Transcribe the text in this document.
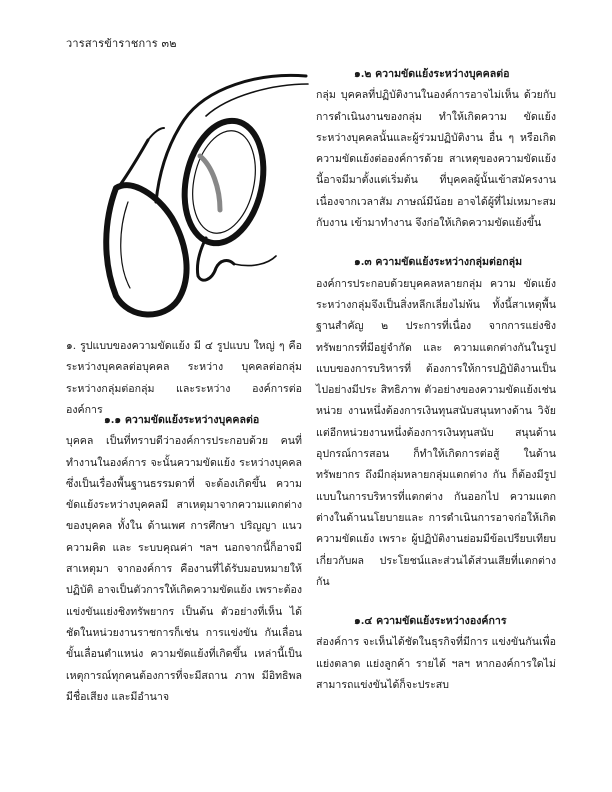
วารสารข้าราชการ ๓๒
๑. รูปแบบของความขัดแย้ง มี ๔ รูปแบบ ใหญ่ ๆ คือ ระหว่างบุคคลต่อบุคคล ระหว่าง บุคคลต่อกลุ่ม ระหว่างกลุ่มต่อกลุ่ม และระหว่าง องค์การต่อองค์การ

๑.๑ ความขัดแย้งระหว่างบุคคลต่อ

บุคคล เป็นที่ทราบดีว่าองค์การประกอบด้วย คนที่ทำงานในองค์การ จะนั้นความขัดแย้ง ระหว่างบุคคลซึ่งเป็นเรื่องพื้นฐานธรรมดาที่ จะต้องเกิดขึ้น ความขัดแย้งระหว่างบุคคลมี สาเหตุมาจากความแตกต่างของบุคคล ทั้งใน ด้านเพศ การศึกษา ปริญญา แนวความคิด และ ระบบคุณค่า ฯลฯ นอกจากนี้ก็อาจมีสาเหตุมา จากองค์การ คืองานที่ได้รับมอบหมายให้ปฏิบัติ อาจเป็นตัวการให้เกิดความขัดแย้ง เพราะต้อง แข่งขันแย่งชิงทรัพยากร เป็นต้น ตัวอย่างที่เห็น ได้ชัดในหน่วยงานราชการก็เช่น การแข่งขัน กันเลื่อนขั้นเลื่อนตำแหน่ง ความขัดแย้งที่เกิดขึ้น เหล่านี้เป็นเหตุการณ์ทุกคนต้องการที่จะมีสถาน ภาพ มีอิทธิพล มีชื่อเสียง และมีอำนาจ

๑.๒ ความขัดแย้งระหว่างบุคคลต่อ

กลุ่ม บุคคลที่ปฏิบัติงานในองค์การอาจไม่เห็น ด้วยกับการดำเนินงานของกลุ่ม ทำให้เกิดความ ขัดแย้งระหว่างบุคคลนั้นและผู้ร่วมปฏิบัติงาน อื่น ๆ หรือเกิดความขัดแย้งต่อองค์การด้วย สาเหตุของความขัดแย้งนี้อาจมีมาตั้งแต่เริ่มต้น ที่บุคคลผู้นั้นเข้าสมัครงาน เนื่องจากเวลาสัม ภาษณ์มีน้อย อาจได้ผู้ที่ไม่เหมาะสมกับงาน เข้ามาทำงาน จึงก่อให้เกิดความขัดแย้งขึ้น

๑.๓ ความขัดแย้งระหว่างกลุ่มต่อกลุ่ม

องค์การประกอบด้วยบุคคลหลายกลุ่ม ความ ขัดแย้งระหว่างกลุ่มจึงเป็นสิ่งหลีกเลี่ยงไม่พ้น ทั้งนี้สาเหตุพื้นฐานสำคัญ ๒ ประการที่เนื่อง จากการแย่งชิงทรัพยากรที่มีอยู่จำกัด และ ความแตกต่างกันในรูปแบบของการบริหารที่ ต้องการให้การปฏิบัติงานเป็นไปอย่างมีประ สิทธิภาพ ตัวอย่างของความขัดแย้งเช่นหน่วย งานหนึ่งต้องการเงินทุนสนับสนุนทางด้าน วิจัย แต่อีกหน่วยงานหนึ่งต้องการเงินทุนสนับ สนุนด้านอุปกรณ์การสอน ก็ทำให้เกิดการต่อสู้ ในด้านทรัพยากร ถึงมีกลุ่มหลายกลุ่มแตกต่าง กัน ก็ต้องมีรูปแบบในการบริหารที่แตกต่าง กันออกไป ความแตกต่างในด้านนโยบายและ การดำเนินการอาจก่อให้เกิดความขัดแย้ง เพราะ ผู้ปฏิบัติงานย่อมมีข้อเปรียบเทียบเกี่ยวกับผล ประโยชน์และส่วนได้ส่วนเสียที่แตกต่างกัน

๑.๔ ความขัดแย้งระหว่างองค์การ

ส่องค์การ จะเห็นได้ชัดในธุรกิจที่มีการ แข่งขันกันเพื่อแย่งตลาด แย่งลูกค้า รายได้ ฯลฯ หากองค์การใดไม่สามารถแข่งขันได้ก็จะประสบ
